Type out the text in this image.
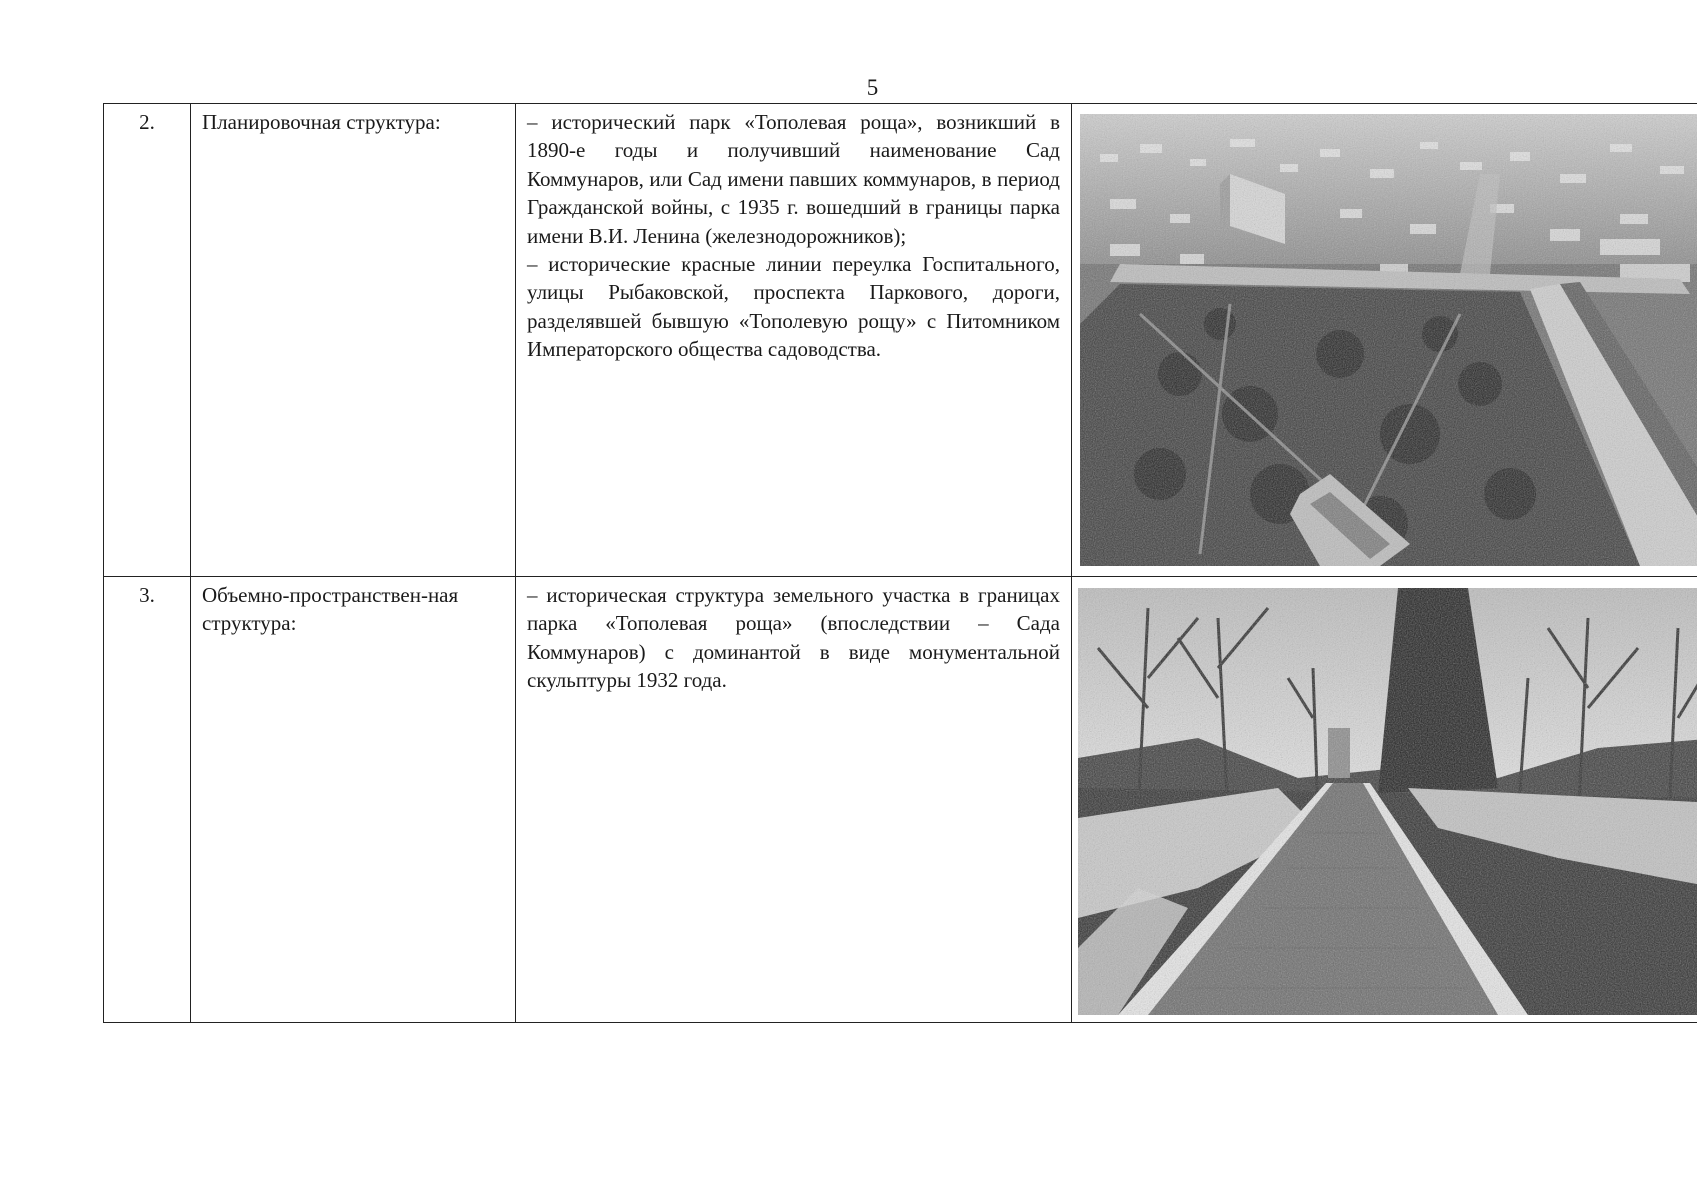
5
2.	Планировочная структура:	– исторический парк «Тополевая роща», возникший в 1890-е годы и получивший наименование Сад Коммунаров, или Сад имени павших коммунаров, в период Гражданской войны, с 1935 г. вошедший в границы парка имени В.И. Ленина (железнодорожников);
– исторические красные линии переулка Госпитального, улицы Рыбаковской, проспекта Паркового, дороги, разделявшей бывшую «Тополевую рощу» с Питомником Императорского общества садоводства.

3.	Объемно-пространствен-ная структура:	– историческая структура земельного участка в границах парка «Тополевая роща» (впоследствии – Сада Коммунаров) с доминантой в виде монументальной скульптуры 1932 года.
